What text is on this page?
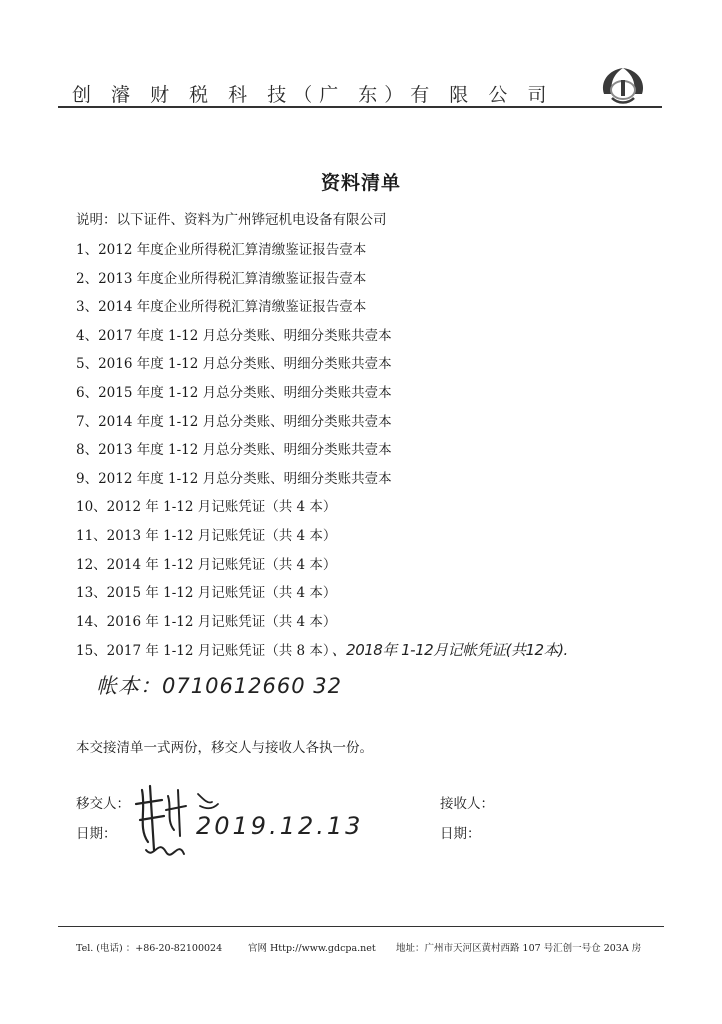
创 濬 财 税 科 技（广 东）有 限 公 司
资料清单
说明：以下证件、资料为广州铧冠机电设备有限公司
1、2012 年度企业所得税汇算清缴鉴证报告壹本
2、2013 年度企业所得税汇算清缴鉴证报告壹本
3、2014 年度企业所得税汇算清缴鉴证报告壹本
4、2017 年度 1-12 月总分类账、明细分类账共壹本
5、2016 年度 1-12 月总分类账、明细分类账共壹本
6、2015 年度 1-12 月总分类账、明细分类账共壹本
7、2014 年度 1-12 月总分类账、明细分类账共壹本
8、2013 年度 1-12 月总分类账、明细分类账共壹本
9、2012 年度 1-12 月总分类账、明细分类账共壹本
10、2012 年 1-12 月记账凭证（共 4 本）
11、2013 年 1-12 月记账凭证（共 4 本）
12、2014 年 1-12 月记账凭证（共 4 本）
13、2015 年 1-12 月记账凭证（共 4 本）
14、2016 年 1-12 月记账凭证（共 4 本）
15、2017 年 1-12 月记账凭证（共 8 本） 、2018年 1-12月记帐凭证(共12本).
帐本：0710612660 32
本交接清单一式两份，移交人与接收人各执一份。
移交人：
日期：
接收人：
日期：
2019.12.13
Tel. (电话) ：+86-20-82100024	官网 Http://www.gdcpa.net 地址：广州市天河区黄村西路 107 号汇创一号仓 203A 房
